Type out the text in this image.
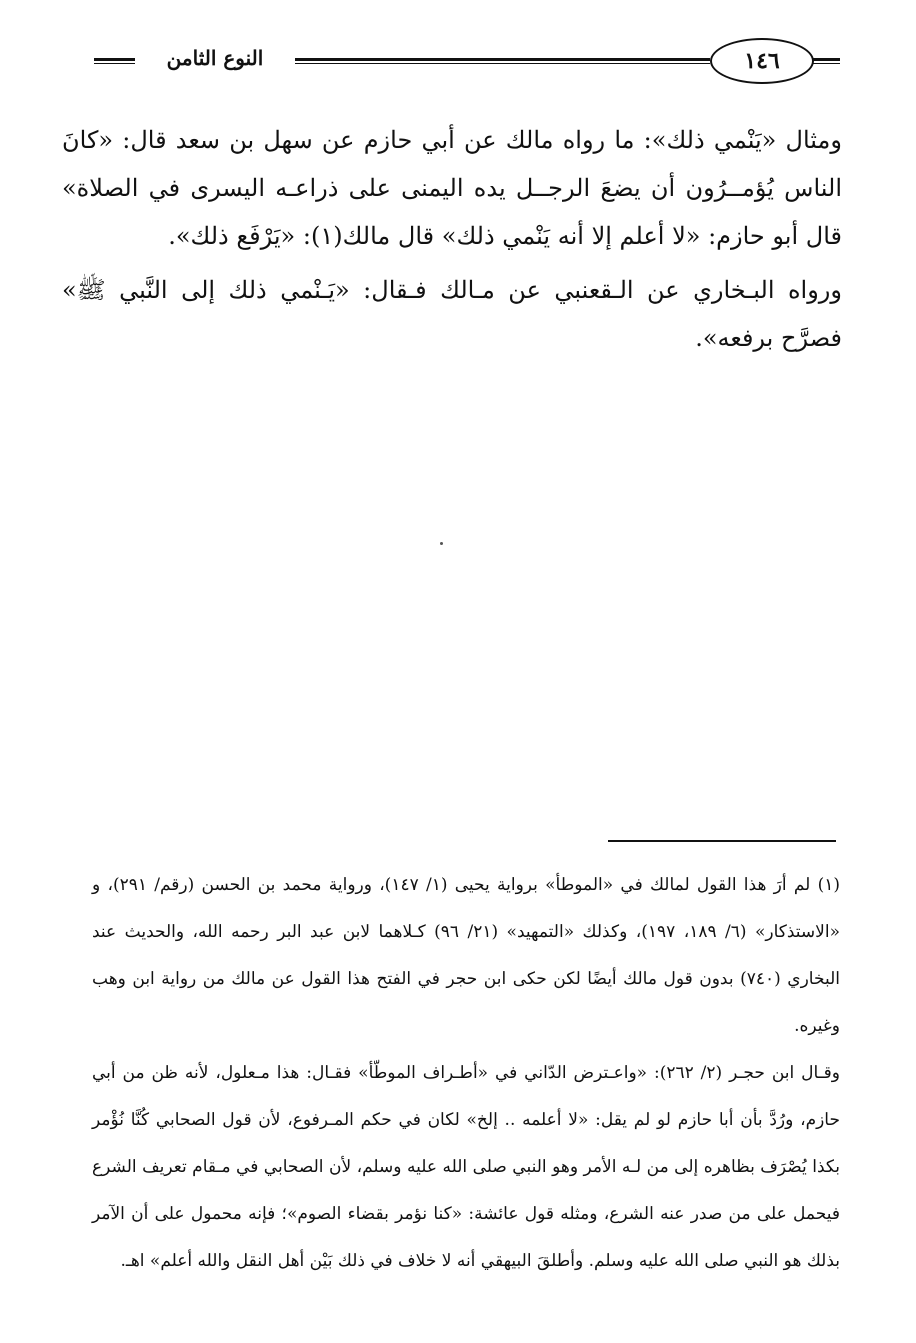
النوع الثامن	١٤٦

ومثال «يَنْمي ذلك»: ما رواه مالك عن أبي حازم عن سهل بن سعد قال: «كانَ الناس يُؤمــرُون أن يضعَ الرجــل يده اليمنى على ذراعـه اليسرى في الصلاة» قال أبو حازم: «لا أعلم إلا أنه يَنْمي ذلك» قال مالك(١): «يَرْفَع ذلك».

ورواه البـخاري عن الـقعنبي عن مـالك فـقال: «يَـنْمي ذلك إلى النَّبي ﷺ» فصرَّح برفعه».

(١) لم أرَ هذا القول لمالك في «الموطأ» برواية يحيى (١/ ١٤٧)، ورواية محمد بن الحسن (رقم/ ٢٩١)، و «الاستذكار» (٦/ ١٨٩، ١٩٧)، وكذلك «التمهيد» (٢١/ ٩٦) كـلاهما لابن عبد البر رحمه الله، والحديث عند البخاري (٧٤٠) بدون قول مالك أيضًا لكن حكى ابن حجر في الفتح هذا القول عن مالك من رواية ابن وهب وغيره.

وقـال ابن حجـر (٢/ ٢٦٢): «واعـترض الدّاني في «أطـراف الموطّأ» فقـال: هذا مـعلول، لأنه ظن من أبي حازم، ورُدَّ بأن أبا حازم لو لم يقل: «لا أعلمه .. إلخ» لكان في حكم المـرفوع، لأن قول الصحابي كُنَّا نُؤْمر بكذا يُصْرَف بظاهره إلى من لـه الأمر وهو النبي صلى الله عليه وسلم، لأن الصحابي في مـقام تعريف الشرع فيحمل على من صدر عنه الشرع، ومثله قول عائشة: «كنا نؤمر بقضاء الصوم»؛ فإنه محمول على أن الآمر بذلك هو النبي صلى الله عليه وسلم. وأطلقَ البيهقي أنه لا خلاف في ذلك بَيْن أهل النقل والله أعلم» اهـ.
